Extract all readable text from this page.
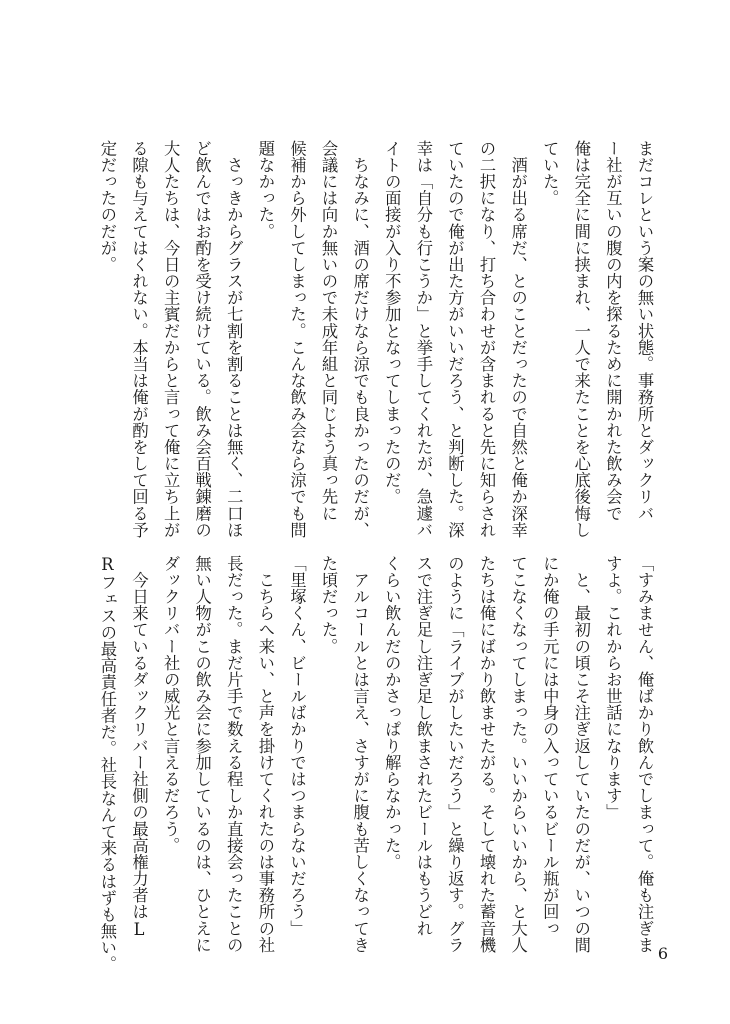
まだコレという案の無い状態。事務所とダックリバ
ー社が互いの腹の内を探るために開かれた飲み会で
俺は完全に間に挟まれ、一人で来たことを心底後悔し
ていた。
　酒が出る席だ、とのことだったので自然と俺か深幸
の二択になり、打ち合わせが含まれると先に知らされ
ていたので俺が出た方がいいだろう、と判断した。深
幸は「自分も行こうか」と挙手してくれたが、急遽バ
イトの面接が入り不参加となってしまったのだ。
　ちなみに、酒の席だけなら涼でも良かったのだが、
会議には向か無いので未成年組と同じよう真っ先に
候補から外してしまった。こんな飲み会なら涼でも問
題なかった。
　さっきからグラスが七割を割ることは無く、二口ほ
ど飲んではお酌を受け続けている。飲み会百戦錬磨の
大人たちは、今日の主賓だからと言って俺に立ち上が
る隙も与えてはくれない。本当は俺が酌をして回る予
定だったのだが。
「すみません、俺ばかり飲んでしまって。俺も注ぎま
すよ。これからお世話になります」
　と、最初の頃こそ注ぎ返していたのだが、いつの間
にか俺の手元には中身の入っているビール瓶が回っ
てこなくなってしまった。いいからいいから、と大人
たちは俺にばかり飲ませたがる。そして壊れた蓄音機
のように「ライブがしたいだろう」と繰り返す。グラ
スで注ぎ足し注ぎ足し飲まされたビールはもうどれ
くらい飲んだのかさっぱり解らなかった。
　アルコールとは言え、さすがに腹も苦しくなってき
た頃だった。
「里塚くん、ビールばかりではつまらないだろう」
　こちらへ来い、と声を掛けてくれたのは事務所の社
長だった。まだ片手で数える程しか直接会ったことの
無い人物がこの飲み会に参加しているのは、ひとえに
ダックリバー社の威光と言えるだろう。
　今日来ているダックリバー社側の最高権力者はL
Rフェスの最高責任者だ。社長なんて来るはずも無い。	6
